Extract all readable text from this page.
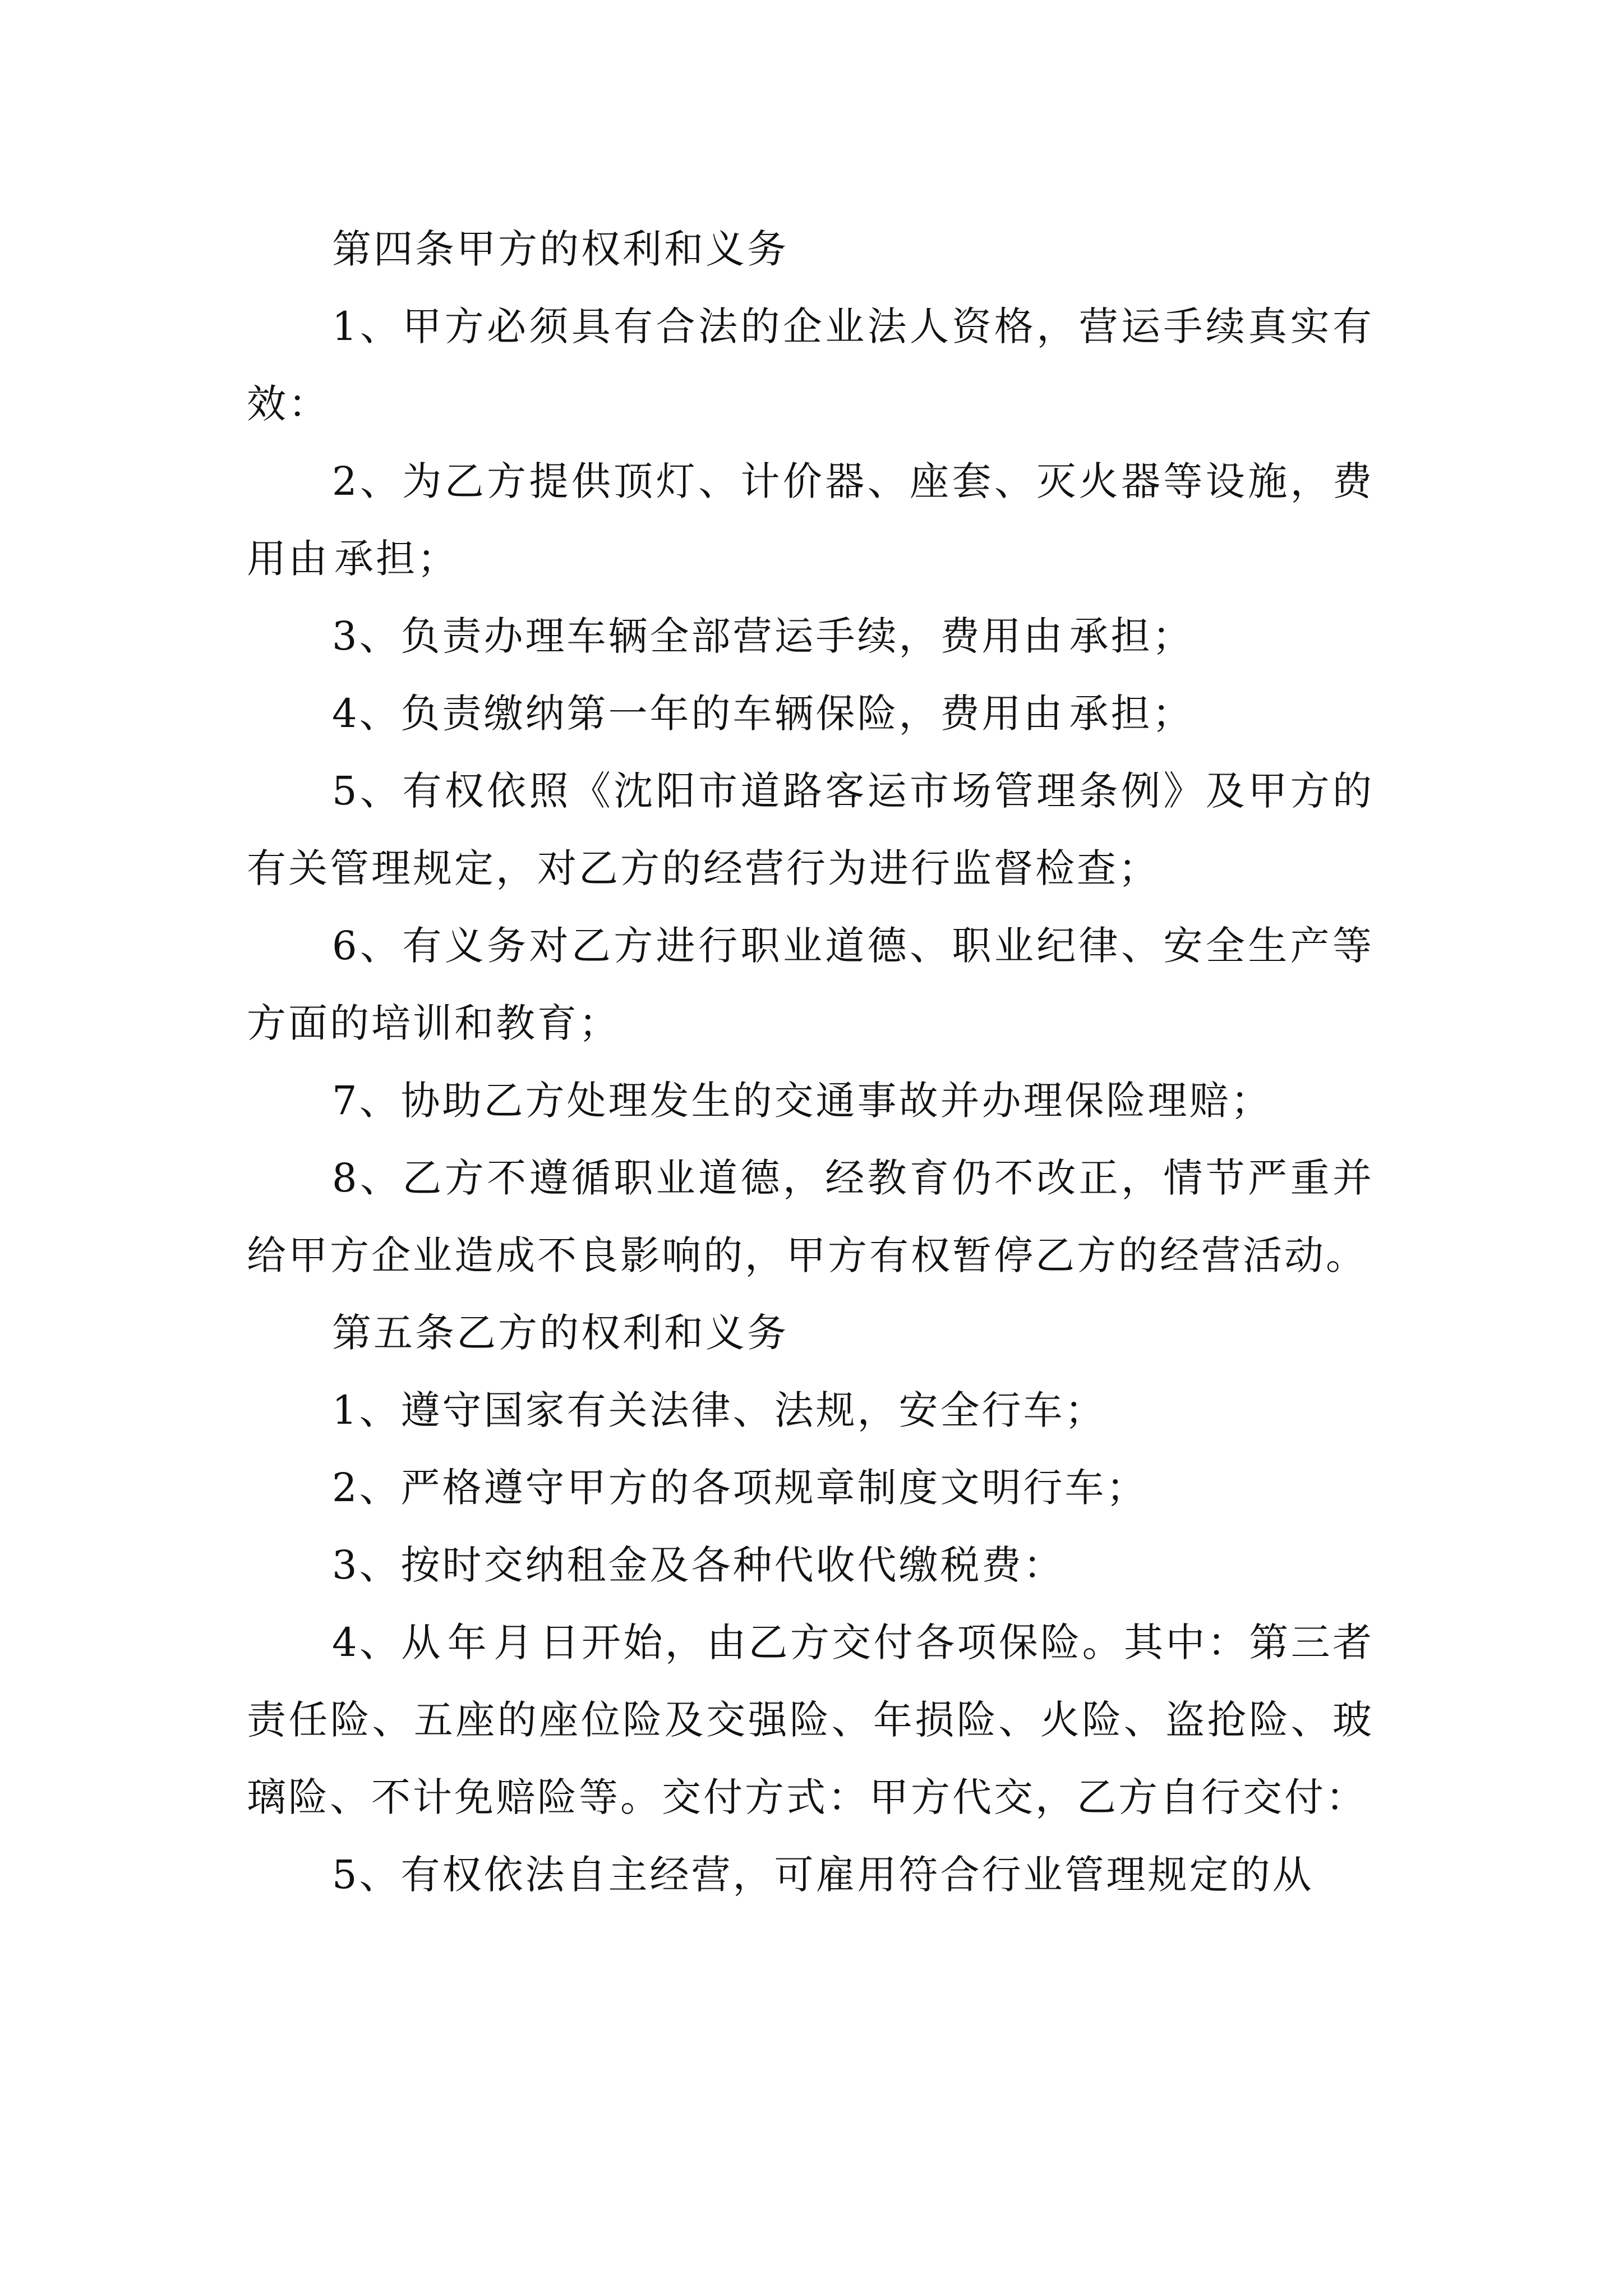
第四条甲方的权利和义务

1、甲方必须具有合法的企业法人资格，营运手续真实有效：

2、为乙方提供顶灯、计价器、座套、灭火器等设施，费用由 承担；

3、负责办理车辆全部营运手续，费用由 承担；

4、负责缴纳第一年的车辆保险，费用由 承担；

5、有权依照《沈阳市道路客运市场管理条例》及甲方的有关管理规定，对乙方的经营行为进行监督检查；

6、有义务对乙方进行职业道德、职业纪律、安全生产等方面的培训和教育；

7、协助乙方处理发生的交通事故并办理保险理赔；

8、乙方不遵循职业道德，经教育仍不改正，情节严重并给甲方企业造成不良影响的，甲方有权暂停乙方的经营活动。

第五条乙方的权利和义务

1、遵守国家有关法律、法规，安全行车；

2、严格遵守甲方的各项规章制度文明行车；

3、按时交纳租金及各种代收代缴税费：

4、从 年 月 日开始，由乙方交付各项保险。其中：第三者责任险、五座的座位险及交强险、年损险、火险、盗抢险、玻璃险、不计免赔险等。交付方式：甲方代交，乙方自行交付：

5、有权依法自主经营，可雇用符合行业管理规定的从
